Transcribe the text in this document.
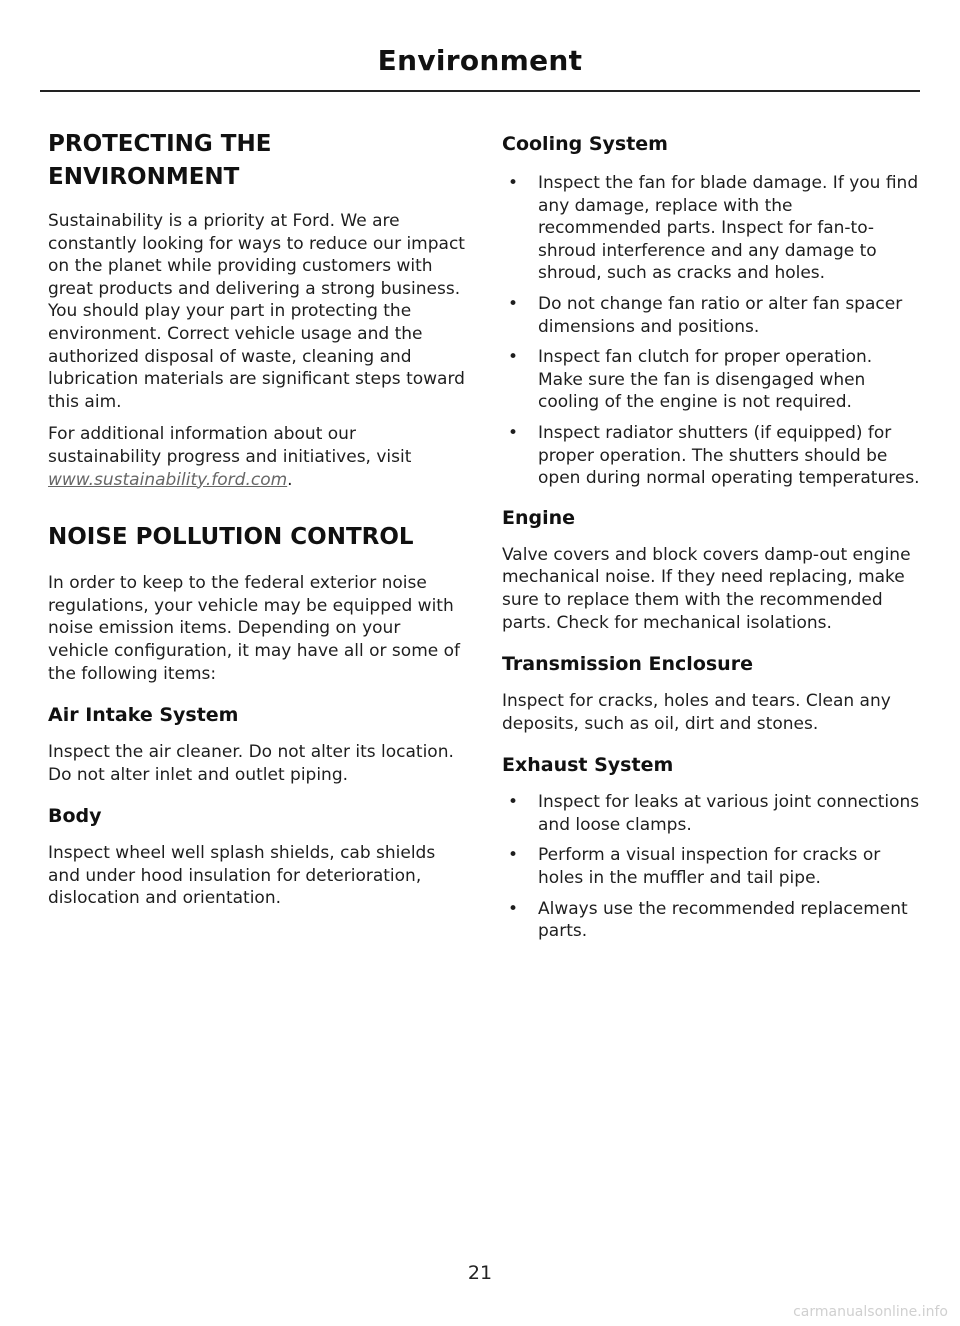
Environment
PROTECTING THE ENVIRONMENT

Sustainability is a priority at Ford. We are constantly looking for ways to reduce our impact on the planet while providing customers with great products and delivering a strong business. You should play your part in protecting the environment. Correct vehicle usage and the authorized disposal of waste, cleaning and lubrication materials are significant steps toward this aim.

For additional information about our sustainability progress and initiatives, visit www.sustainability.ford.com.

NOISE POLLUTION CONTROL

In order to keep to the federal exterior noise regulations, your vehicle may be equipped with noise emission items. Depending on your vehicle configuration, it may have all or some of the following items:

Air Intake System

Inspect the air cleaner. Do not alter its location. Do not alter inlet and outlet piping.

Body

Inspect wheel well splash shields, cab shields and under hood insulation for deterioration, dislocation and orientation.

Cooling System
• Inspect the fan for blade damage. If you find any damage, replace with the recommended parts. Inspect for fan-to-shroud interference and any damage to shroud, such as cracks and holes.
• Do not change fan ratio or alter fan spacer dimensions and positions.
• Inspect fan clutch for proper operation. Make sure the fan is disengaged when cooling of the engine is not required.
• Inspect radiator shutters (if equipped) for proper operation. The shutters should be open during normal operating temperatures.
Engine

Valve covers and block covers damp-out engine mechanical noise. If they need replacing, make sure to replace them with the recommended parts. Check for mechanical isolations.

Transmission Enclosure

Inspect for cracks, holes and tears. Clean any deposits, such as oil, dirt and stones.

Exhaust System
• Inspect for leaks at various joint connections and loose clamps.
• Perform a visual inspection for cracks or holes in the muffler and tail pipe.
• Always use the recommended replacement parts.
21
carmanualsonline.info
